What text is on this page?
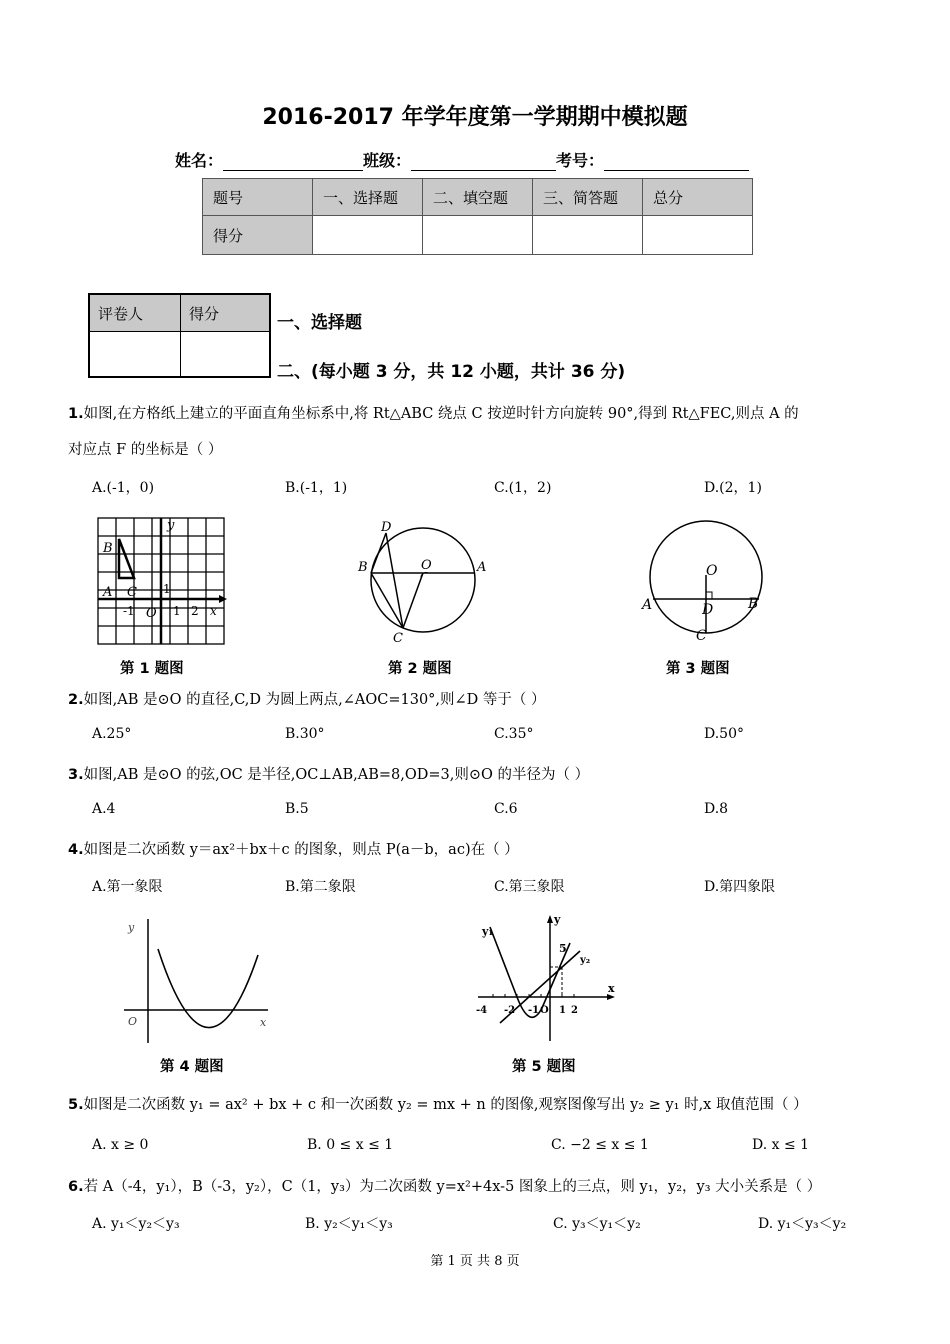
2016-2017 年学年度第一学期期中模拟题
姓名：	班级：	考号：
题号	一、选择题	二、填空题	三、简答题	总分
得分				
评卷人	得分
		一、选择题
二、(每小题 3 分，共 12 小题，共计 36 分)
1.如图,在方格纸上建立的平面直角坐标系中,将 Rt△ABC 绕点 C 按逆时针方向旋转 90°,得到 Rt△FEC,则点 A 的
对应点 F 的坐标是（ ）
A.(-1，0)	B.(-1，1)	C.(1，2)	D.(2，1)
y
B
A C 1
-1 O 1 2 x
D
B	O	A
C
O
A	D B
C
第 1 题图	第 2 题图	第 3 题图
2.如图,AB 是⊙O 的直径,C,D 为圆上两点,∠AOC=130°,则∠D 等于（ ）
A.25°	B.30°	C.35°	D.50°
3.如图,AB 是⊙O 的弦,OC 是半径,OC⊥AB,AB=8,OD=3,则⊙O 的半径为（ ）
A.4	B.5	C.6	D.8
4.如图是二次函数 y＝ax²＋bx＋c 的图象，则点 P(a－b，ac)在（ ）
A.第一象限	B.第二象限	C.第三象限	D.第四象限
y
O	x
y₁
y
5
y₂
x
-4 -2 -1 O 1 2
第 4 题图	第 5 题图
5.如图是二次函数 y₁ = ax² + bx + c 和一次函数 y₂ = mx + n 的图像,观察图像写出 y₂ ≥ y₁ 时,x 取值范围（ ）
A. x ≥ 0	B. 0 ≤ x ≤ 1	C. −2 ≤ x ≤ 1	D. x ≤ 1
6.若 A（-4，y₁），B（-3，y₂），C（1，y₃）为二次函数 y=x²+4x-5 图象上的三点，则 y₁，y₂，y₃ 大小关系是（ ）
A. y₁＜y₂＜y₃	B. y₂＜y₁＜y₃	C. y₃＜y₁＜y₂	D. y₁＜y₃＜y₂
第 1 页 共 8 页
